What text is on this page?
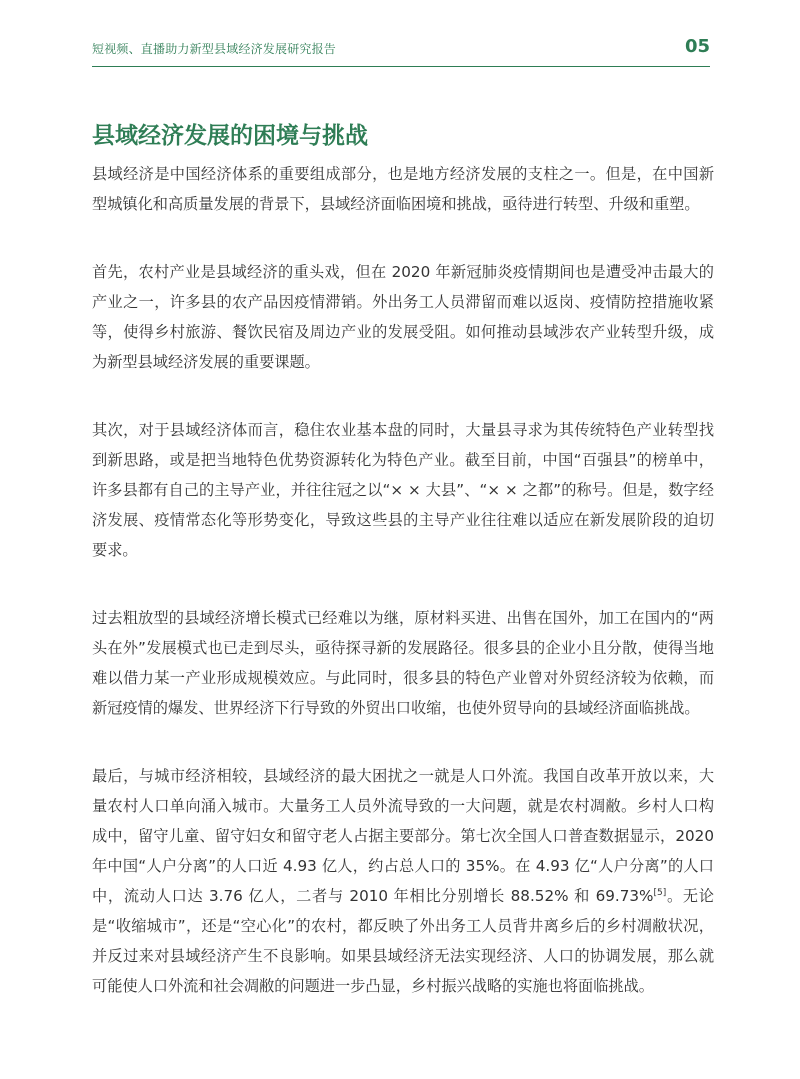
短视频、直播助力新型县域经济发展研究报告	05
县域经济发展的困境与挑战

县域经济是中国经济体系的重要组成部分，也是地方经济发展的支柱之一。但是，在中国新型城镇化和高质量发展的背景下，县域经济面临困境和挑战，亟待进行转型、升级和重塑。

首先，农村产业是县域经济的重头戏，但在 2020 年新冠肺炎疫情期间也是遭受冲击最大的产业之一，许多县的农产品因疫情滞销。外出务工人员滞留而难以返岗、疫情防控措施收紧等，使得乡村旅游、餐饮民宿及周边产业的发展受阻。如何推动县域涉农产业转型升级，成为新型县域经济发展的重要课题。

其次，对于县域经济体而言，稳住农业基本盘的同时，大量县寻求为其传统特色产业转型找到新思路，或是把当地特色优势资源转化为特色产业。截至目前，中国“百强县”的榜单中，许多县都有自己的主导产业，并往往冠之以“× × 大县”、“× × 之都”的称号。但是，数字经济发展、疫情常态化等形势变化，导致这些县的主导产业往往难以适应在新发展阶段的迫切要求。

过去粗放型的县域经济增长模式已经难以为继，原材料买进、出售在国外，加工在国内的“两头在外”发展模式也已走到尽头，亟待探寻新的发展路径。很多县的企业小且分散，使得当地难以借力某一产业形成规模效应。与此同时，很多县的特色产业曾对外贸经济较为依赖，而新冠疫情的爆发、世界经济下行导致的外贸出口收缩，也使外贸导向的县域经济面临挑战。

最后，与城市经济相较，县域经济的最大困扰之一就是人口外流。我国自改革开放以来，大量农村人口单向涌入城市。大量务工人员外流导致的一大问题，就是农村凋敝。乡村人口构成中，留守儿童、留守妇女和留守老人占据主要部分。第七次全国人口普查数据显示，2020 年中国“人户分离”的人口近 4.93 亿人，约占总人口的 35%。在 4.93 亿“人户分离”的人口中，流动人口达 3.76 亿人，二者与 2010 年相比分别增长 88.52% 和 69.73%[5]。无论是“收缩城市”，还是“空心化”的农村，都反映了外出务工人员背井离乡后的乡村凋敝状况，并反过来对县域经济产生不良影响。如果县域经济无法实现经济、人口的协调发展，那么就可能使人口外流和社会凋敝的问题进一步凸显，乡村振兴战略的实施也将面临挑战。
